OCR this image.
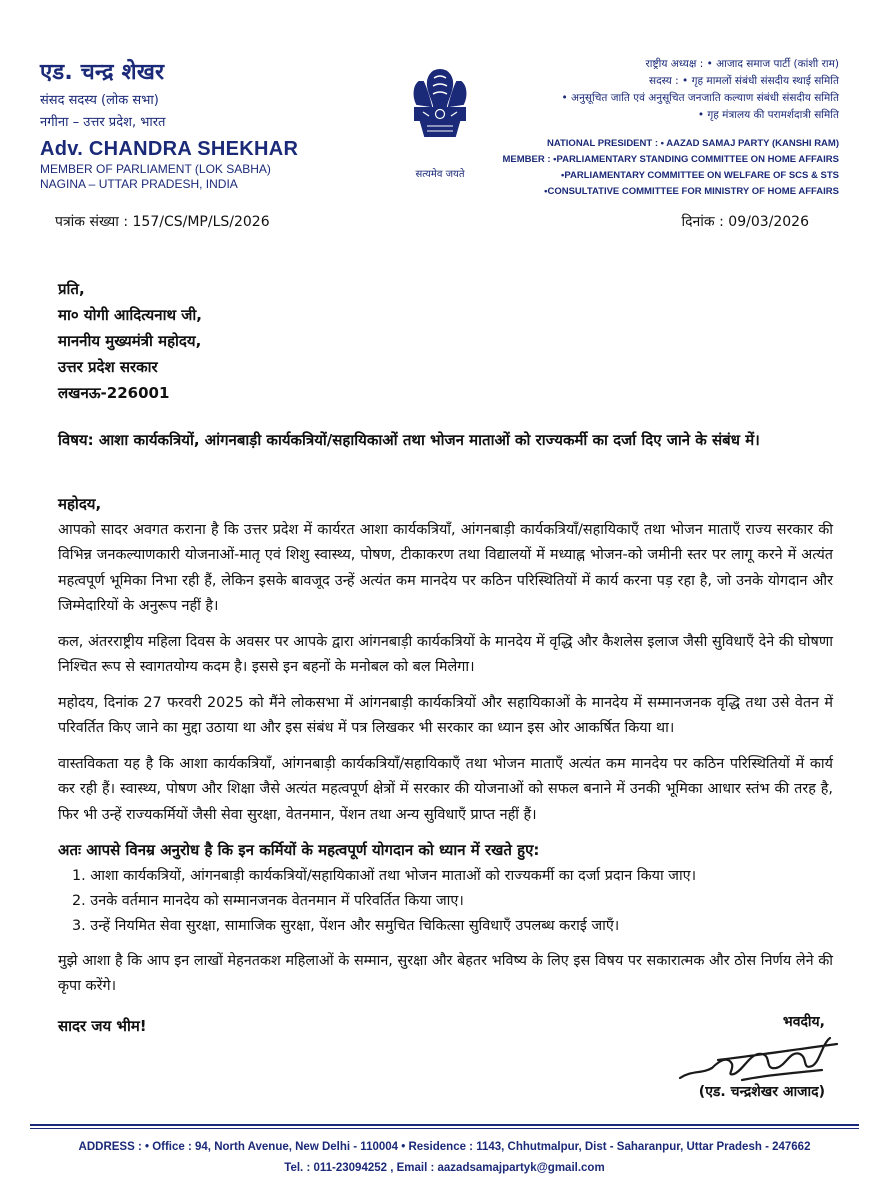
एड. चन्द्र शेखर
संसद सदस्य (लोक सभा)
नगीना – उत्तर प्रदेश, भारत
Adv. CHANDRA SHEKHAR
MEMBER OF PARLIAMENT (LOK SABHA)
NAGINA – UTTAR PRADESH, INDIA
सत्यमेव जयते
राष्ट्रीय अध्यक्ष : • आजाद समाज पार्टी (कांशी राम)
सदस्य : • गृह मामलों संबंधी संसदीय स्थाई समिति
• अनुसूचित जाति एवं अनुसूचित जनजाति कल्याण संबंधी संसदीय समिति
• गृह मंत्रालय की परामर्शदात्री समिति
NATIONAL PRESIDENT : • AAZAD SAMAJ PARTY (KANSHI RAM)
MEMBER : •PARLIAMENTARY STANDING COMMITTEE ON HOME AFFAIRS
•PARLIAMENTARY COMMITTEE ON WELFARE OF SCS & STS
•CONSULTATIVE COMMITTEE FOR MINISTRY OF HOME AFFAIRS
पत्रांक संख्या : 157/CS/MP/LS/2026	दिनांक : 09/03/2026
प्रति,
मा० योगी आदित्यनाथ जी,
माननीय मुख्यमंत्री महोदय,
उत्तर प्रदेश सरकार
लखनऊ-226001
विषय: आशा कार्यकत्रियों, आंगनबाड़ी कार्यकत्रियों/सहायिकाओं तथा भोजन माताओं को राज्यकर्मी का दर्जा दिए जाने के संबंध में।
महोदय,

आपको सादर अवगत कराना है कि उत्तर प्रदेश में कार्यरत आशा कार्यकत्रियाँ, आंगनबाड़ी कार्यकत्रियाँ/सहायिकाएँ तथा भोजन माताएँ राज्य सरकार की विभिन्न जनकल्याणकारी योजनाओं-मातृ एवं शिशु स्वास्थ्य, पोषण, टीकाकरण तथा विद्यालयों में मध्याह्न भोजन-को जमीनी स्तर पर लागू करने में अत्यंत महत्वपूर्ण भूमिका निभा रही हैं, लेकिन इसके बावजूद उन्हें अत्यंत कम मानदेय पर कठिन परिस्थितियों में कार्य करना पड़ रहा है, जो उनके योगदान और जिम्मेदारियों के अनुरूप नहीं है।

कल, अंतरराष्ट्रीय महिला दिवस के अवसर पर आपके द्वारा आंगनबाड़ी कार्यकत्रियों के मानदेय में वृद्धि और कैशलेस इलाज जैसी सुविधाएँ देने की घोषणा निश्चित रूप से स्वागतयोग्य कदम है। इससे इन बहनों के मनोबल को बल मिलेगा।

महोदय, दिनांक 27 फरवरी 2025 को मैंने लोकसभा में आंगनबाड़ी कार्यकत्रियों और सहायिकाओं के मानदेय में सम्मानजनक वृद्धि तथा उसे वेतन में परिवर्तित किए जाने का मुद्दा उठाया था और इस संबंध में पत्र लिखकर भी सरकार का ध्यान इस ओर आकर्षित किया था।

वास्तविकता यह है कि आशा कार्यकत्रियाँ, आंगनबाड़ी कार्यकत्रियाँ/सहायिकाएँ तथा भोजन माताएँ अत्यंत कम मानदेय पर कठिन परिस्थितियों में कार्य कर रही हैं। स्वास्थ्य, पोषण और शिक्षा जैसे अत्यंत महत्वपूर्ण क्षेत्रों में सरकार की योजनाओं को सफल बनाने में उनकी भूमिका आधार स्तंभ की तरह है, फिर भी उन्हें राज्यकर्मियों जैसी सेवा सुरक्षा, वेतनमान, पेंशन तथा अन्य सुविधाएँ प्राप्त नहीं हैं।

अतः आपसे विनम्र अनुरोध है कि इन कर्मियों के महत्वपूर्ण योगदान को ध्यान में रखते हुए:
1. आशा कार्यकत्रियों, आंगनबाड़ी कार्यकत्रियों/सहायिकाओं तथा भोजन माताओं को राज्यकर्मी का दर्जा प्रदान किया जाए।
2. उनके वर्तमान मानदेय को सम्मानजनक वेतनमान में परिवर्तित किया जाए।
3. उन्हें नियमित सेवा सुरक्षा, सामाजिक सुरक्षा, पेंशन और समुचित चिकित्सा सुविधाएँ उपलब्ध कराई जाएँ।

मुझे आशा है कि आप इन लाखों मेहनतकश महिलाओं के सम्मान, सुरक्षा और बेहतर भविष्य के लिए इस विषय पर सकारात्मक और ठोस निर्णय लेने की कृपा करेंगे।

सादर जय भीम!	भवदीय,
(एड. चन्द्रशेखर आजाद)
ADDRESS : • Office : 94, North Avenue, New Delhi - 110004 • Residence : 1143, Chhutmalpur, Dist - Saharanpur, Uttar Pradesh - 247662
Tel. : 011-23094252 , Email : aazadsamajpartyk@gmail.com
